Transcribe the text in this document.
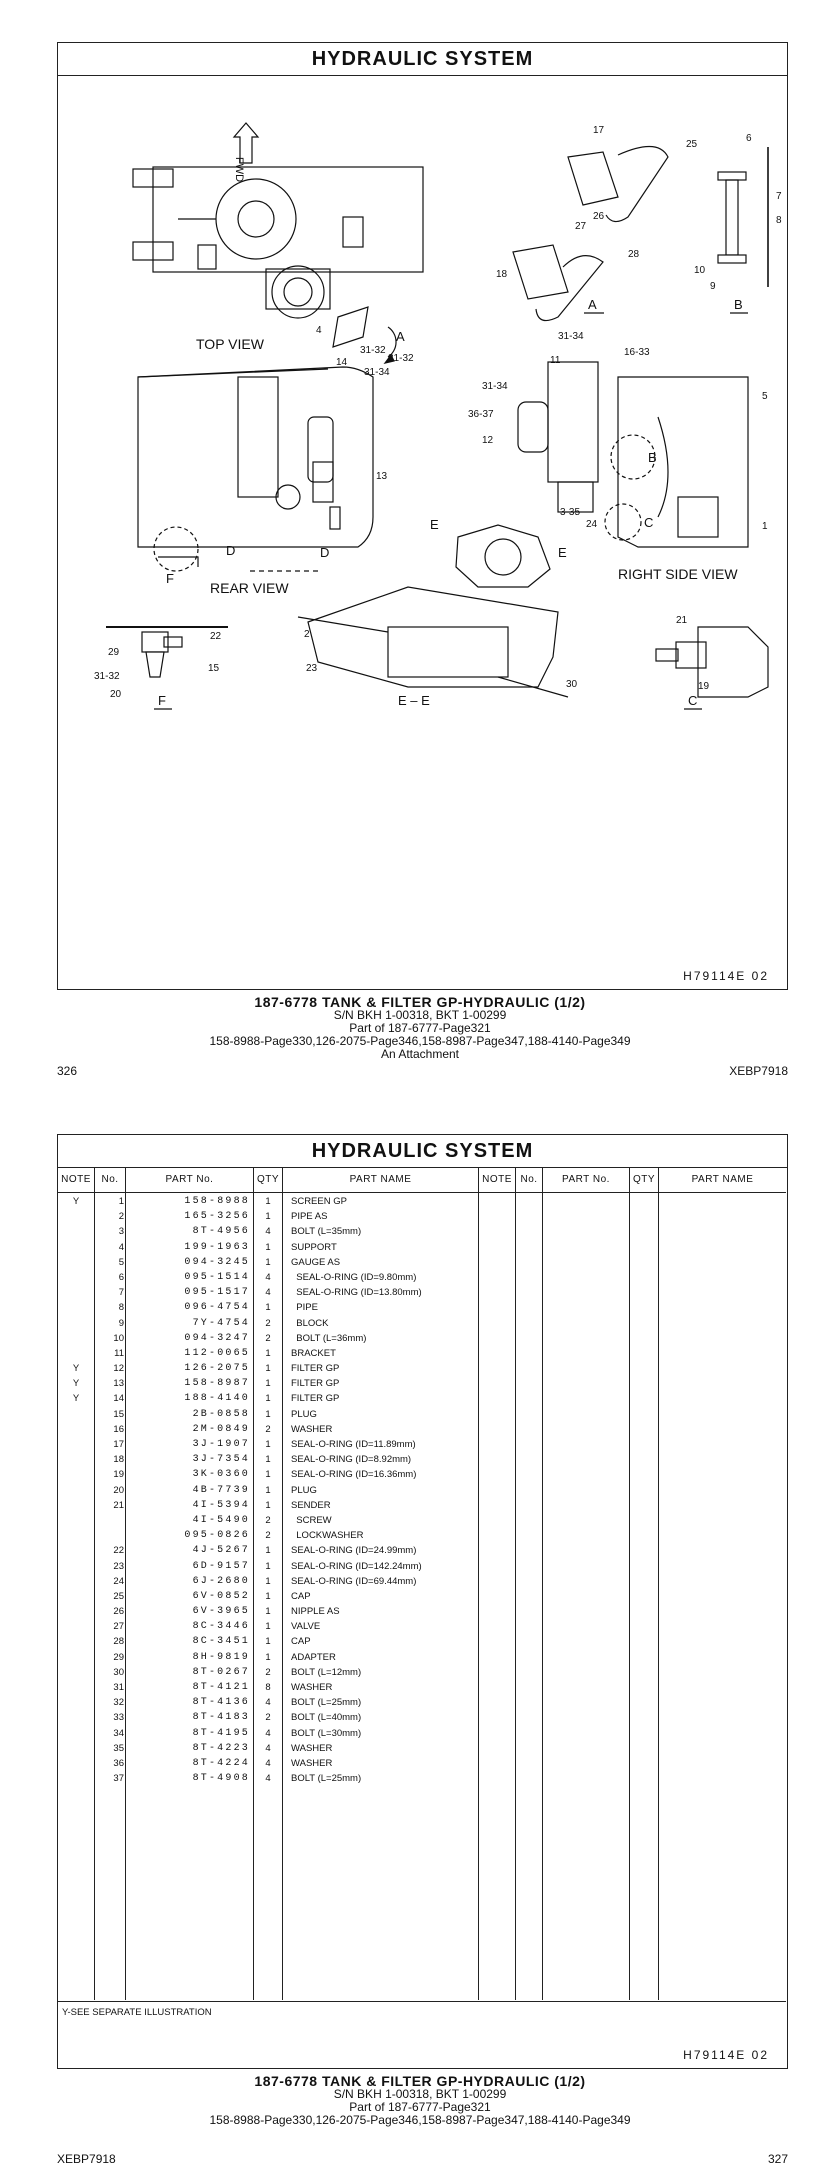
HYDRAULIC SYSTEM
FWD
4
31-32
A
TOP VIEW
17
25
26
27
28
18
A
6
7
8
10
9
B
14
31-32
31-34
13
D	D
F
REAR VIEW
E
E
31-34
11
16-33
31-34
36-37
12
5
3-35
24	1
B
C
RIGHT SIDE VIEW
22
29
15
31-32
20	F
2
23
30
E – E
21
19
C
H79114E 02
187-6778 TANK & FILTER GP-HYDRAULIC (1/2)
S/N BKH 1-00318, BKT 1-00299
Part of 187-6777-Page321
158-8988-Page330,126-2075-Page346,158-8987-Page347,188-4140-Page349
An Attachment
326	XEBP7918
HYDRAULIC SYSTEM
NOTE	No.	PART No.	QTY	PART NAME	NOTE No.	PART No.	QTY	PART NAME
Y	1	158-8988	1	SCREEN GP
2	165-3256	1	PIPE AS
3	8T-4956	4	BOLT (L=35mm)
4	199-1963	1	SUPPORT
5	094-3245	1	GAUGE AS
6	095-1514	4	SEAL-O-RING (ID=9.80mm)
7	095-1517	4	SEAL-O-RING (ID=13.80mm)
8	096-4754	1	PIPE
9	7Y-4754	2	BLOCK
10	094-3247	2	BOLT (L=36mm)
11	112-0065	1	BRACKET
Y	12	126-2075	1	FILTER GP
Y	13	158-8987	1	FILTER GP
Y	14	188-4140	1	FILTER GP
15	2B-0858	1	PLUG
16	2M-0849	2	WASHER
17	3J-1907	1	SEAL-O-RING (ID=11.89mm)
18	3J-7354	1	SEAL-O-RING (ID=8.92mm)
19	3K-0360	1	SEAL-O-RING (ID=16.36mm)
20	4B-7739	1	PLUG
21	4I-5394	1	SENDER
4I-5490	2	SCREW
095-0826	2	LOCKWASHER
22	4J-5267	1	SEAL-O-RING (ID=24.99mm)
23	6D-9157	1	SEAL-O-RING (ID=142.24mm)
24	6J-2680	1	SEAL-O-RING (ID=69.44mm)
25	6V-0852	1	CAP
26	6V-3965	1	NIPPLE AS
27	8C-3446	1	VALVE
28	8C-3451	1	CAP
29	8H-9819	1	ADAPTER
30	8T-0267	2	BOLT (L=12mm)
31	8T-4121	8	WASHER
32	8T-4136	4	BOLT (L=25mm)
33	8T-4183	2	BOLT (L=40mm)
34	8T-4195	4	BOLT (L=30mm)
35	8T-4223	4	WASHER
36	8T-4224	4	WASHER
37	8T-4908	4	BOLT (L=25mm)
Y-SEE SEPARATE ILLUSTRATION
H79114E 02
187-6778 TANK & FILTER GP-HYDRAULIC (1/2)
S/N BKH 1-00318, BKT 1-00299
Part of 187-6777-Page321
158-8988-Page330,126-2075-Page346,158-8987-Page347,188-4140-Page349
XEBP7918	327
